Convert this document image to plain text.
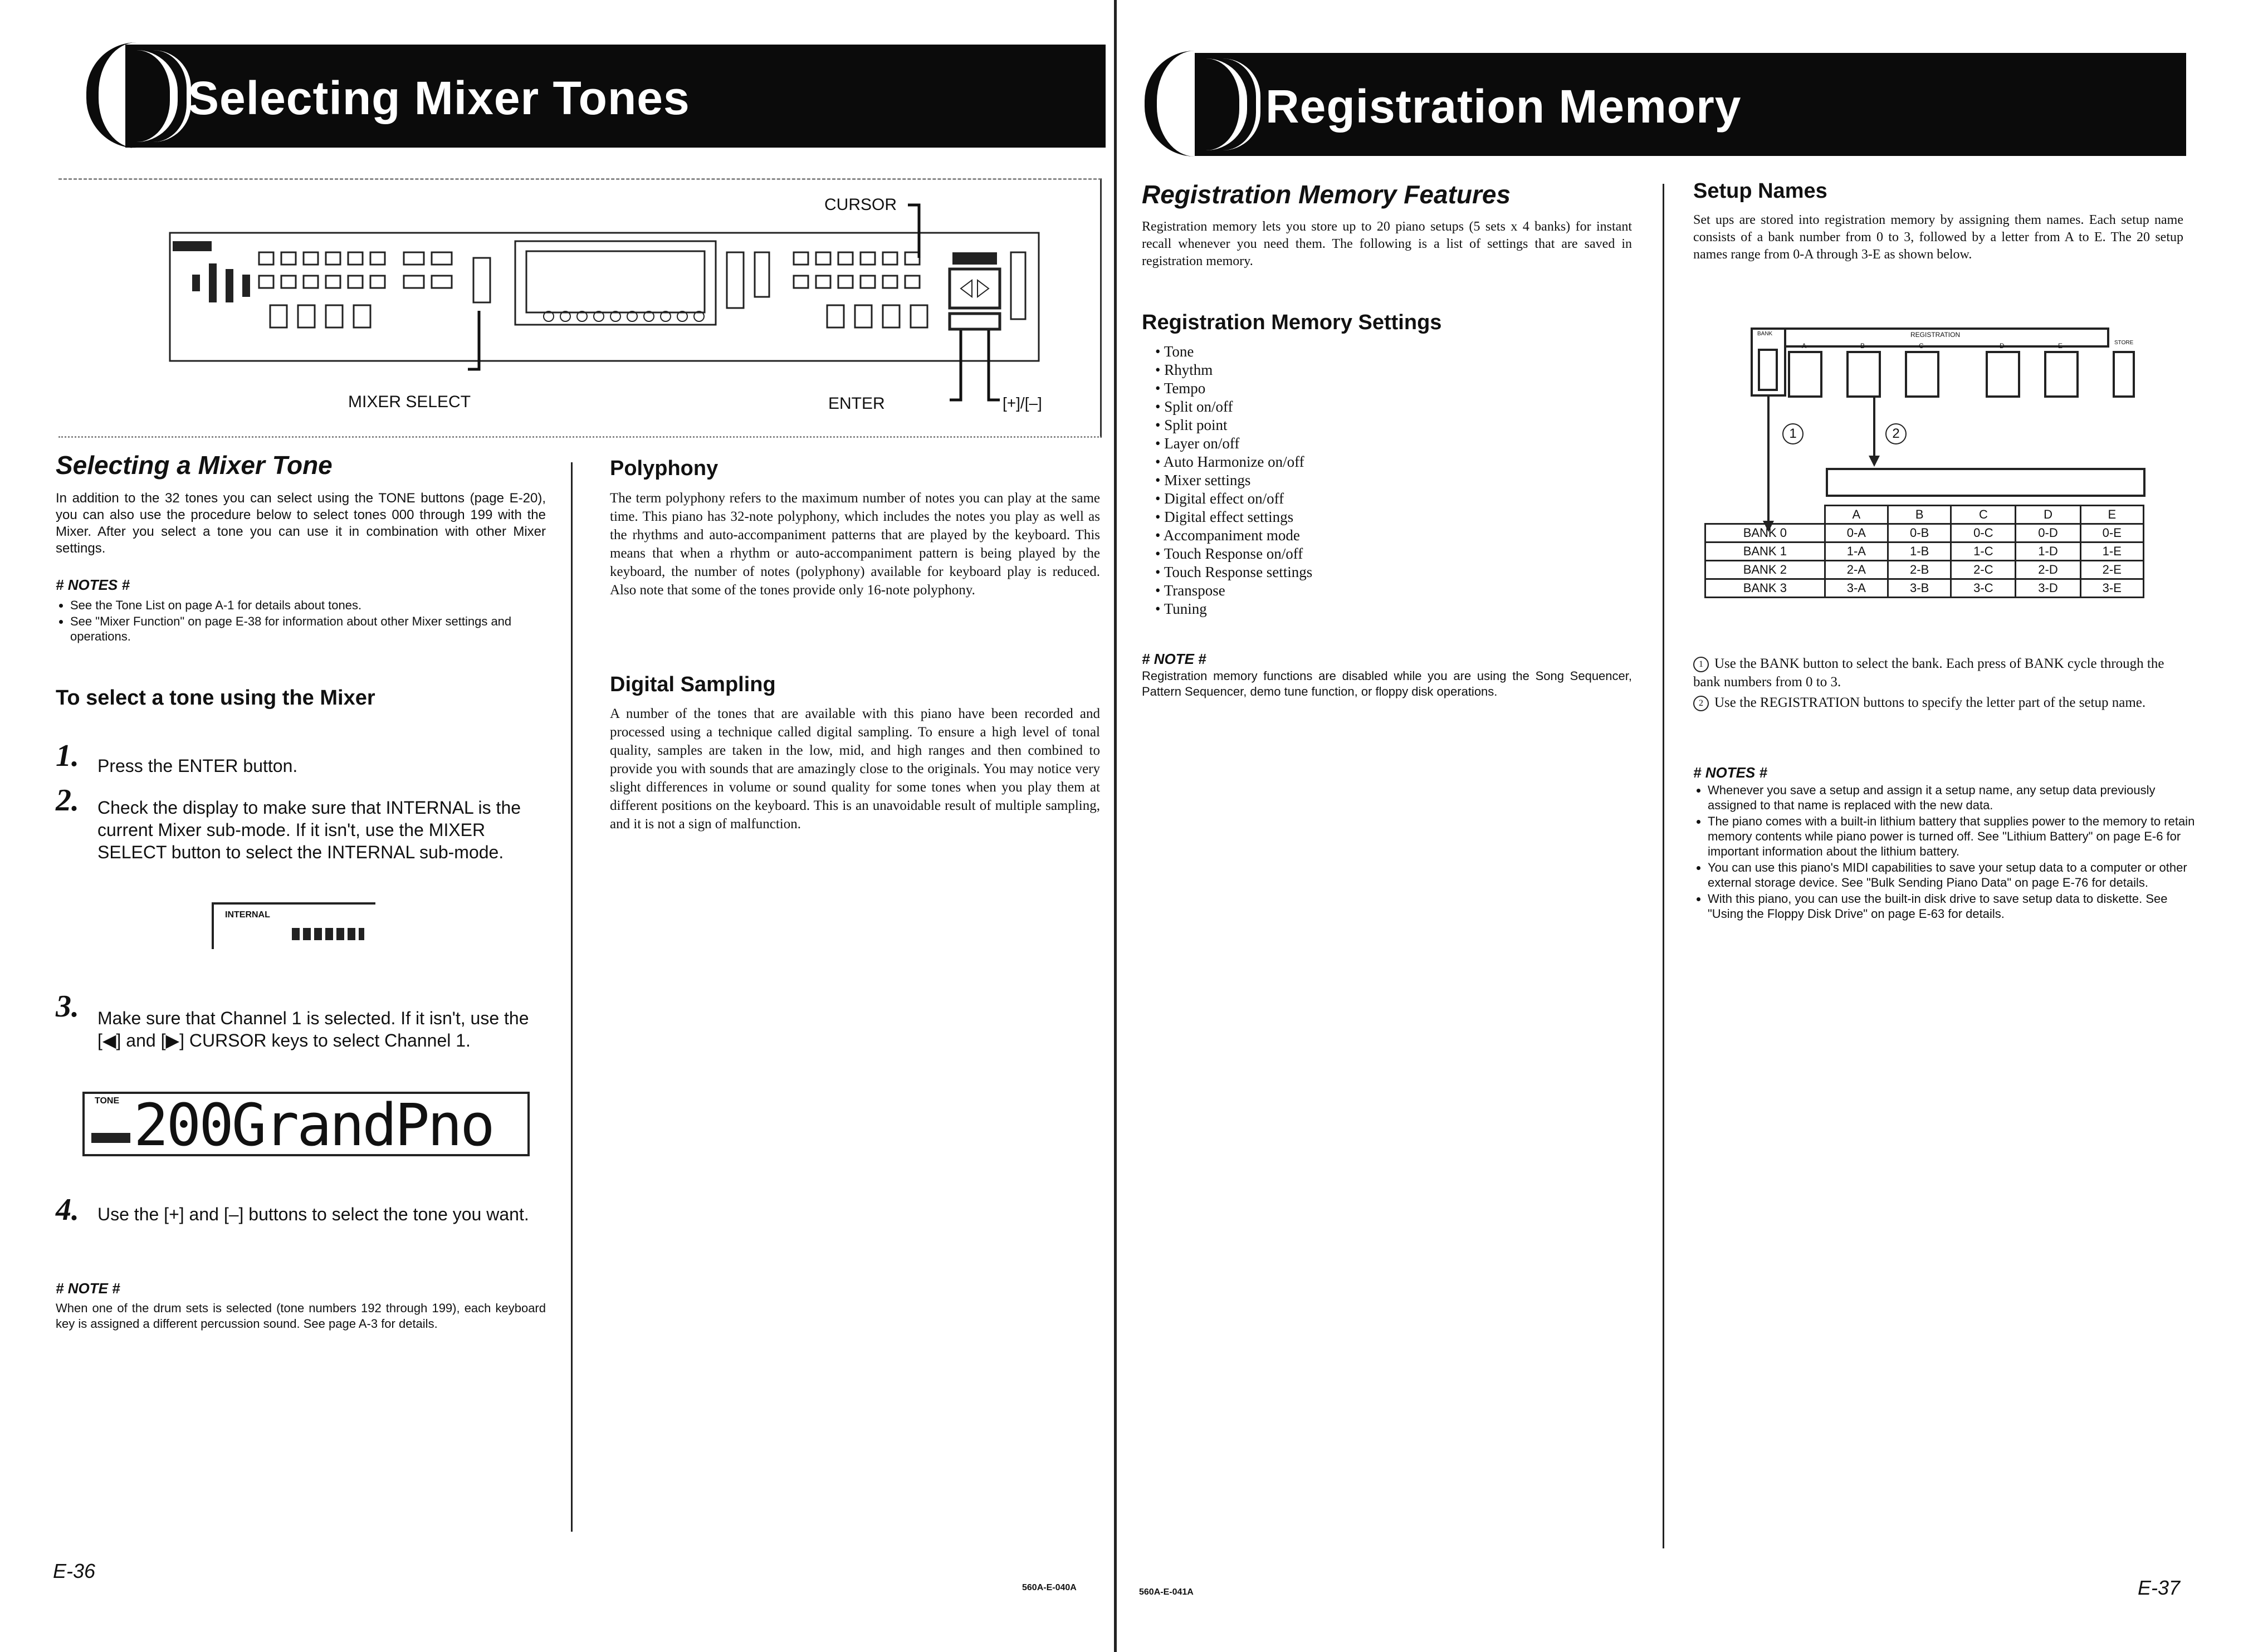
Selecting Mixer Tones
CURSOR
MIXER SELECT	ENTER	[+]/[–]
Selecting a Mixer Tone

In addition to the 32 tones you can select using the TONE buttons (page E-20), you can also use the procedure below to select tones 000 through 199 with the Mixer. After you select a tone you can use it in combination with other Mixer settings.

# NOTES #
• See the Tone List on page A-1 for details about tones.
• See "Mixer Function" on page E-38 for information about other Mixer settings and operations.
To select a tone using the Mixer
1. Press the ENTER button.

2. Check the display to make sure that INTERNAL is the current Mixer sub-mode. If it isn't, use the MIXER SELECT button to select the INTERNAL sub-mode.

INTERNAL
3. Make sure that Channel 1 is selected. If it isn't, use the [◀] and [▶] CURSOR keys to select Channel 1.

TONE 200GrandPno
4. Use the [+] and [–] buttons to select the tone you want.

# NOTE #

When one of the drum sets is selected (tone numbers 192 through 199), each keyboard key is assigned a different percussion sound. See page A-3 for details.

Polyphony

The term polyphony refers to the maximum number of notes you can play at the same time. This piano has 32-note polyphony, which includes the notes you play as well as the rhythms and auto-accompaniment patterns that are played by the keyboard. This means that when a rhythm or auto-accompaniment pattern is being played by the keyboard, the number of notes (polyphony) available for keyboard play is reduced. Also note that some of the tones provide only 16-note polyphony.

Digital Sampling

A number of the tones that are available with this piano have been recorded and processed using a technique called digital sampling. To ensure a high level of tonal quality, samples are taken in the low, mid, and high ranges and then combined to provide you with sounds that are amazingly close to the originals. You may notice very slight differences in volume or sound quality for some tones when you play them at different positions on the keyboard. This is an unavoidable result of multiple sampling, and it is not a sign of malfunction.

E-36
560A-E-040A
Registration Memory
Registration Memory Features

Registration memory lets you store up to 20 piano setups (5 sets x 4 banks) for instant recall whenever you need them. The following is a list of settings that are saved in registration memory.

Registration Memory Settings
• Tone
• Rhythm
• Tempo
• Split on/off
• Split point
• Layer on/off
• Auto Harmonize on/off
• Mixer settings
• Digital effect on/off
• Digital effect settings
• Accompaniment mode
• Touch Response on/off
• Touch Response settings
• Transpose
• Tuning
# NOTE #

Registration memory functions are disabled while you are using the Song Sequencer, Pattern Sequencer, demo tune function, or floppy disk operations.

Setup Names

Set ups are stored into registration memory by assigning them names. Each setup name consists of a bank number from 0 to 3, followed by a letter from A to E. The 20 setup names range from 0-A through 3-E as shown below.

BANK	REGISTRATION
STORE
A	B	C	D	E
1	2
	A	B	C	D	E
BANK 0	0-A	0-B	0-C	0-D	0-E
BANK 1	1-A	1-B	1-C	1-D	1-E
BANK 2	2-A	2-B	2-C	2-D	2-E
BANK 3	3-A	3-B	3-C	3-D	3-E
1 Use the BANK button to select the bank. Each press of BANK cycle through the bank numbers from 0 to 3.
2 Use the REGISTRATION buttons to specify the letter part of the setup name.
# NOTES #
• Whenever you save a setup and assign it a setup name, any setup data previously assigned to that name is replaced with the new data.
• The piano comes with a built-in lithium battery that supplies power to the memory to retain memory contents while piano power is turned off. See "Lithium Battery" on page E-6 for important information about the lithium battery.
• You can use this piano's MIDI capabilities to save your setup data to a computer or other external storage device. See "Bulk Sending Piano Data" on page E-76 for details.
• With this piano, you can use the built-in disk drive to save setup data to diskette. See "Using the Floppy Disk Drive" on page E-63 for details.
560A-E-041A	E-37
